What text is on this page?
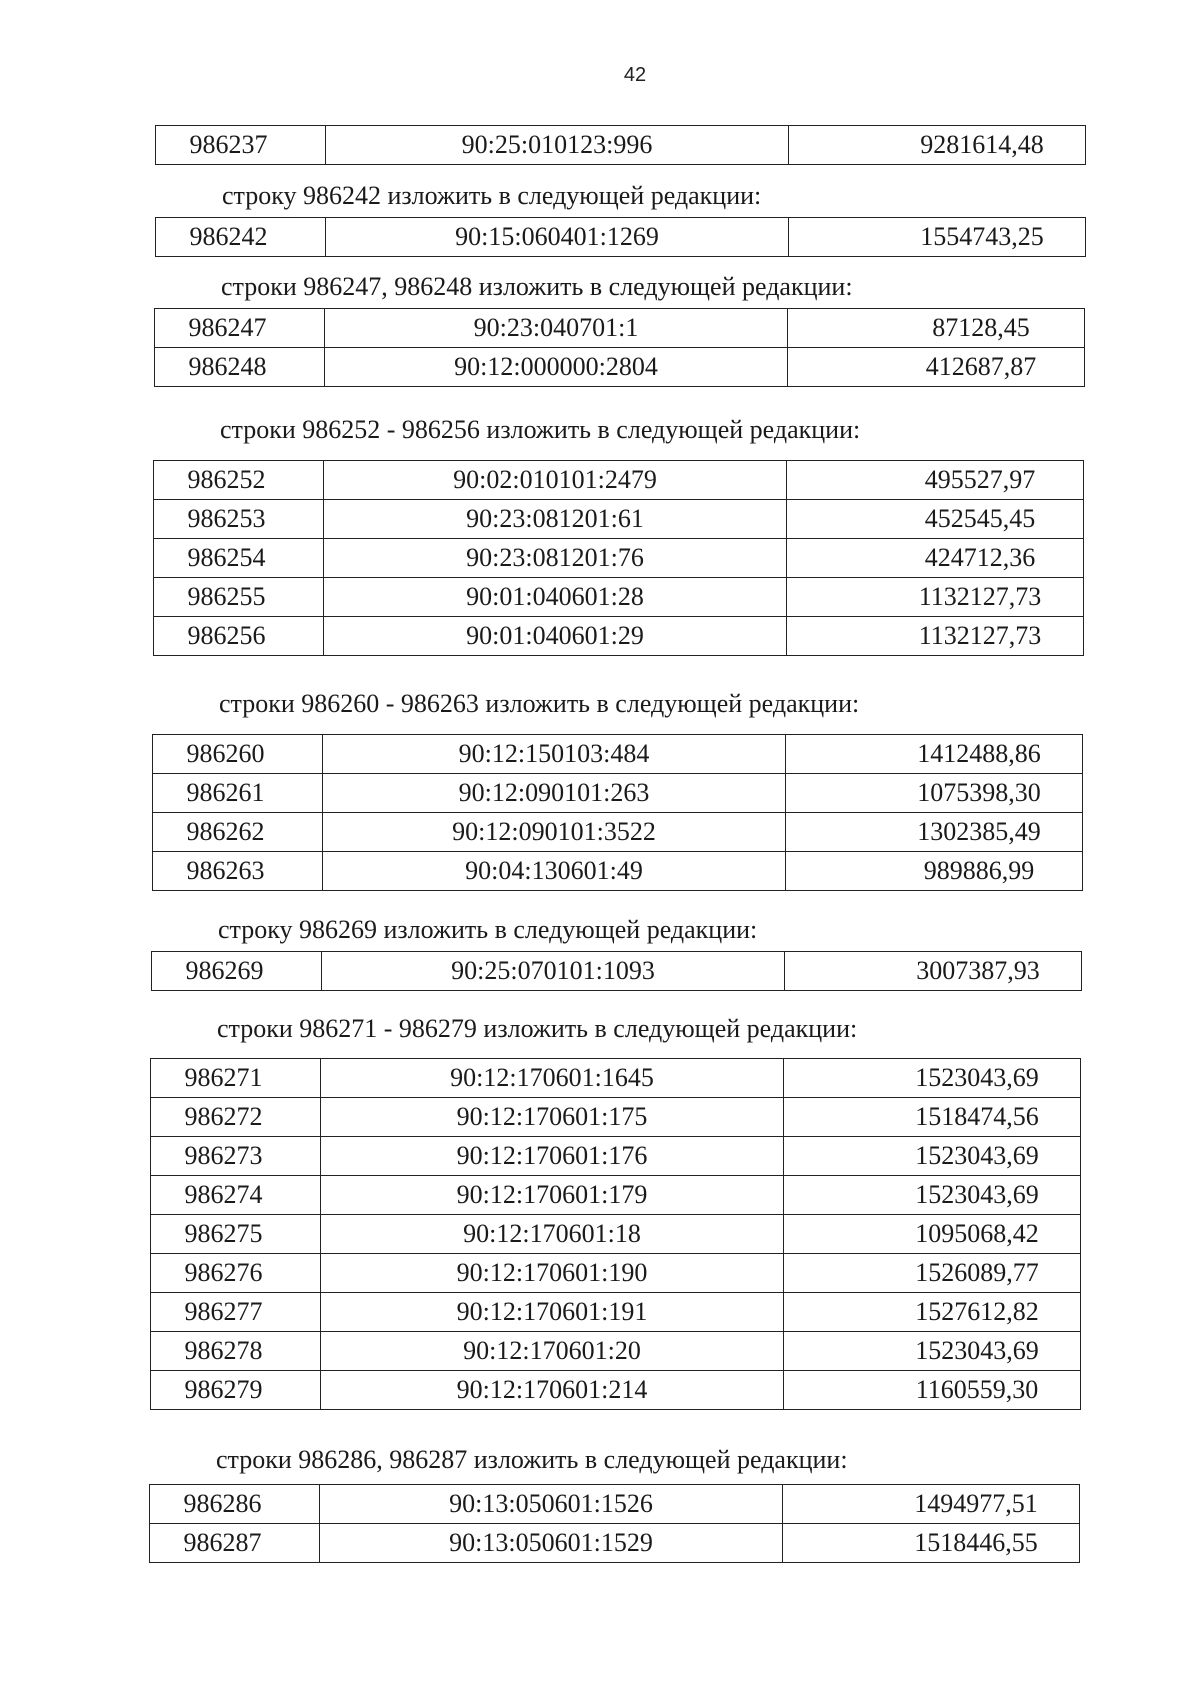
42
986237	90:25:010123:996	9281614,48
строку 986242 изложить в следующей редакции:
986242	90:15:060401:1269	1554743,25
строки 986247, 986248 изложить в следующей редакции:
986247	90:23:040701:1	87128,45
986248	90:12:000000:2804	412687,87
строки 986252 - 986256 изложить в следующей редакции:
986252	90:02:010101:2479	495527,97
986253	90:23:081201:61	452545,45
986254	90:23:081201:76	424712,36
986255	90:01:040601:28	1132127,73
986256	90:01:040601:29	1132127,73
строки 986260 - 986263 изложить в следующей редакции:
986260	90:12:150103:484	1412488,86
986261	90:12:090101:263	1075398,30
986262	90:12:090101:3522	1302385,49
986263	90:04:130601:49	989886,99
строку 986269 изложить в следующей редакции:
986269	90:25:070101:1093	3007387,93
строки 986271 - 986279 изложить в следующей редакции:
986271	90:12:170601:1645	1523043,69
986272	90:12:170601:175	1518474,56
986273	90:12:170601:176	1523043,69
986274	90:12:170601:179	1523043,69
986275	90:12:170601:18	1095068,42
986276	90:12:170601:190	1526089,77
986277	90:12:170601:191	1527612,82
986278	90:12:170601:20	1523043,69
986279	90:12:170601:214	1160559,30
строки 986286, 986287 изложить в следующей редакции:
986286	90:13:050601:1526	1494977,51
986287	90:13:050601:1529	1518446,55
